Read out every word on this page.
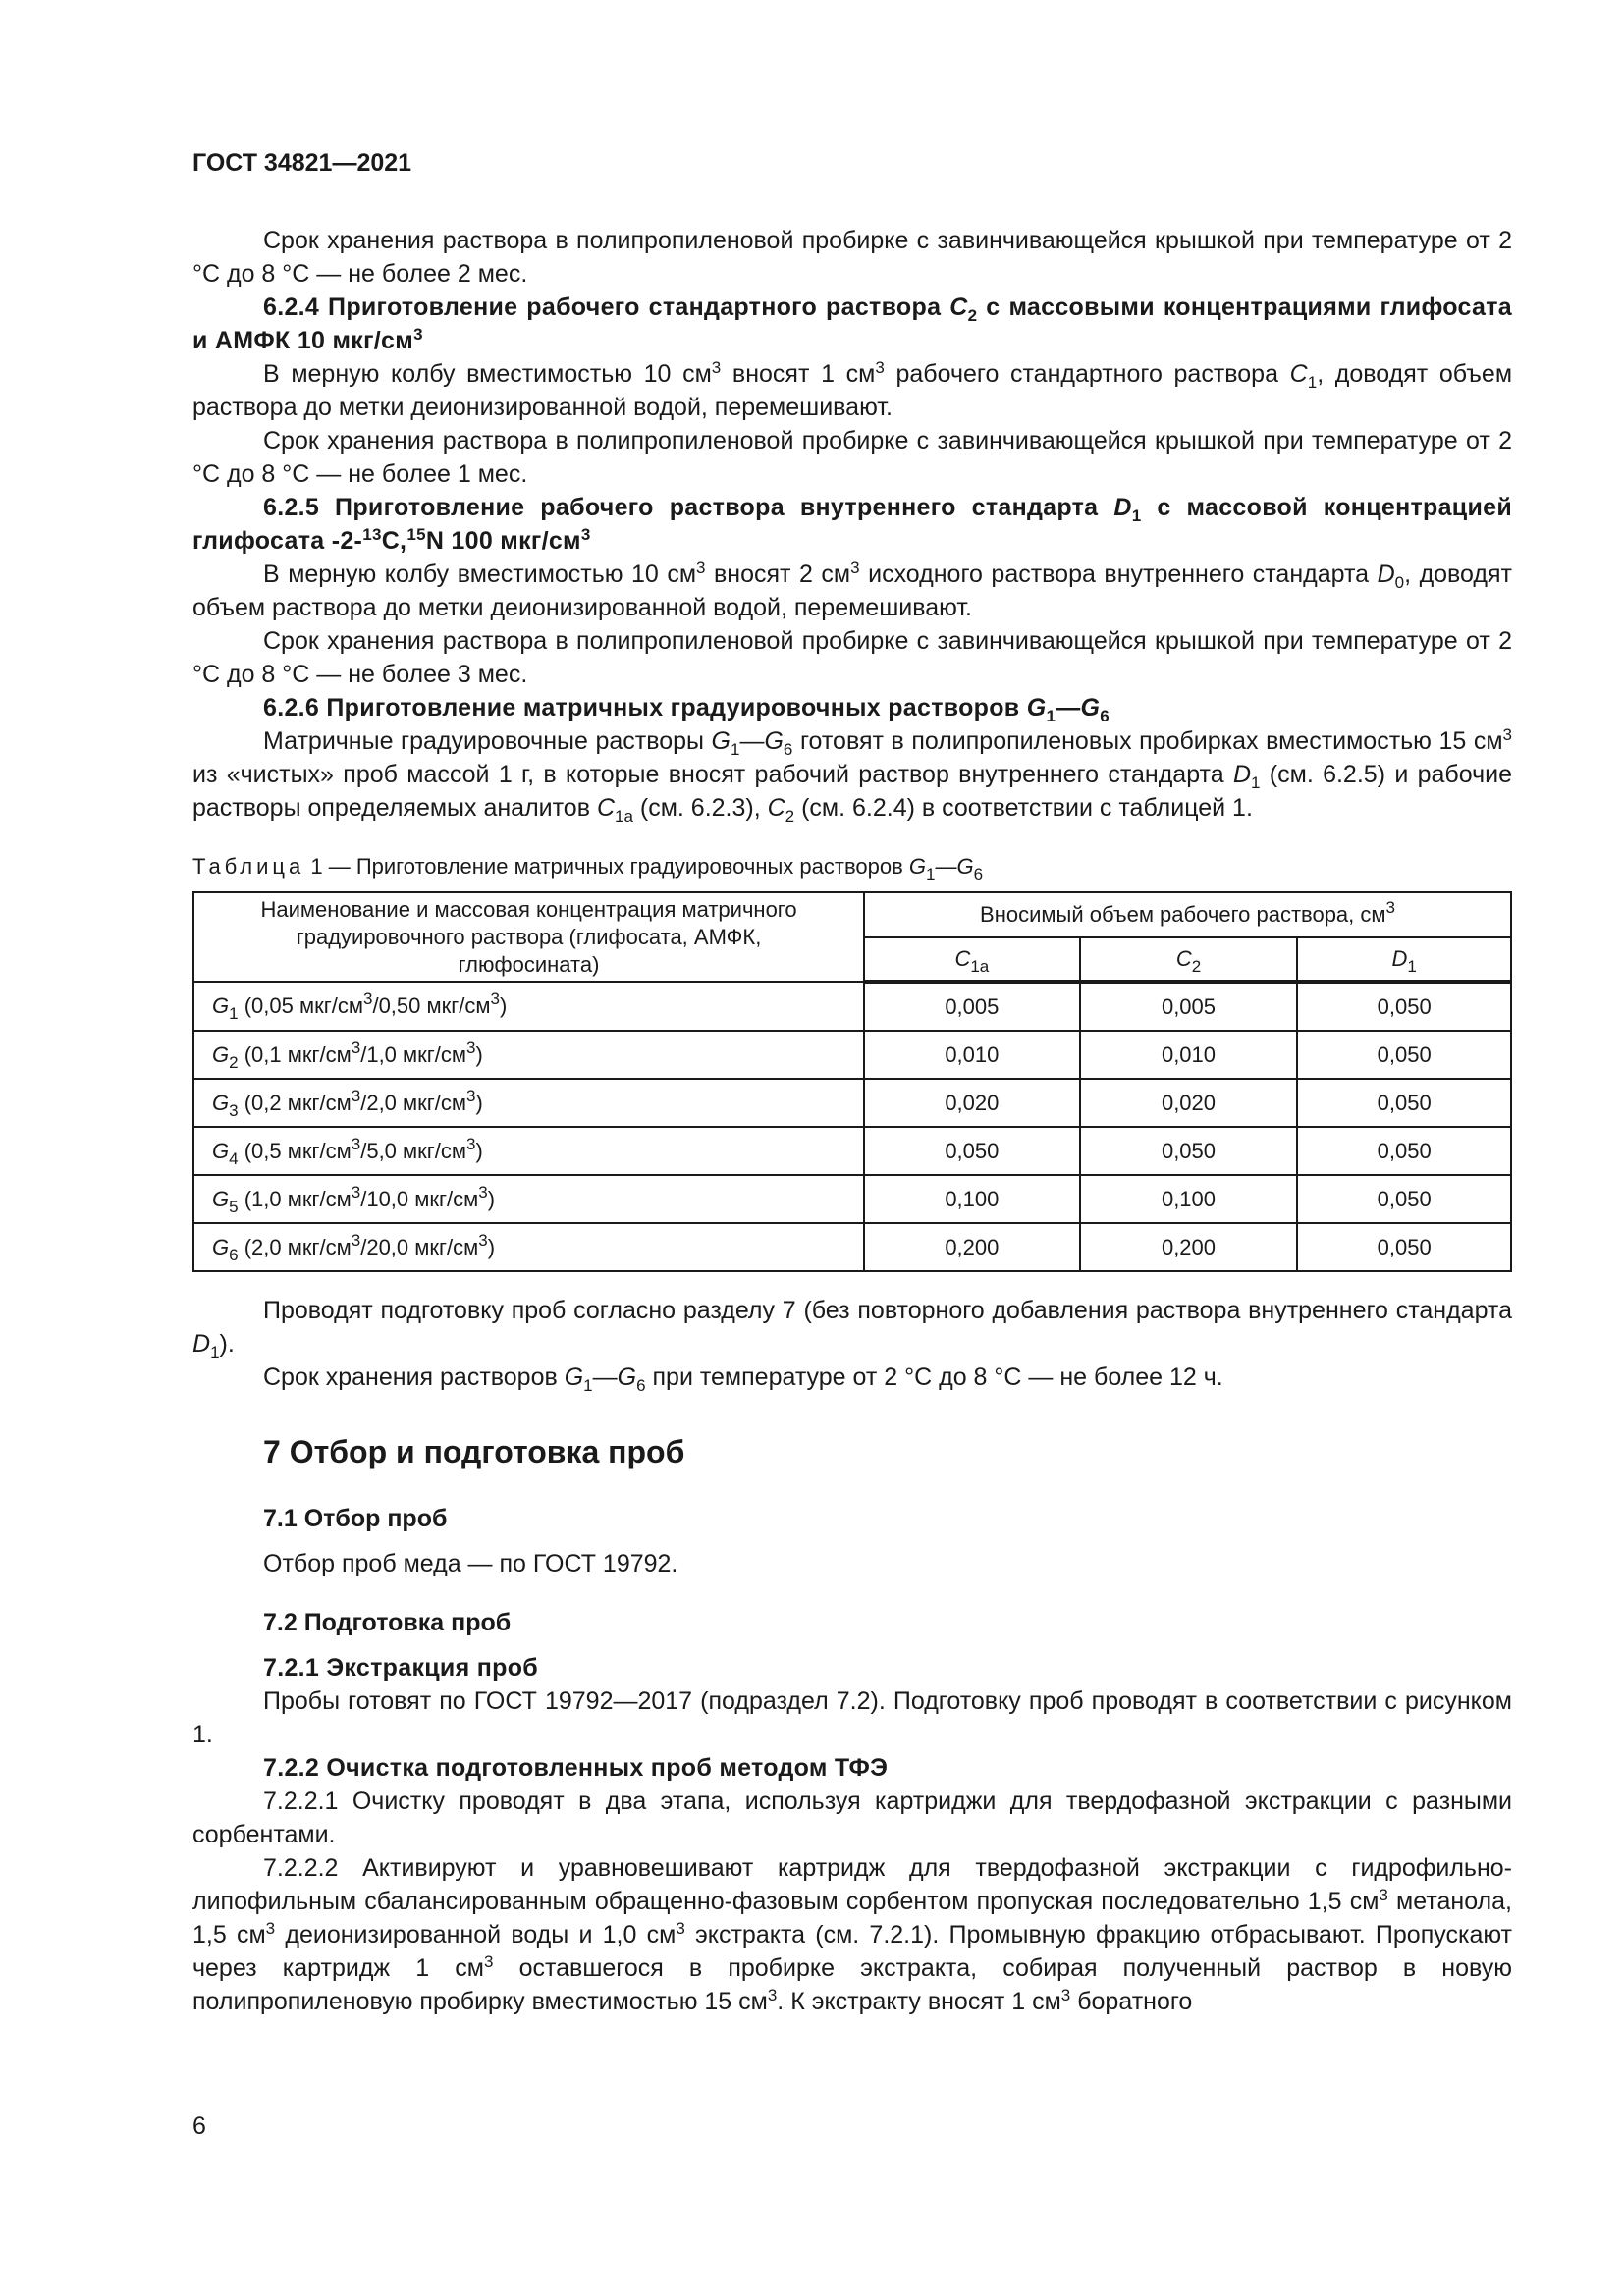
ГОСТ 34821—2021

Срок хранения раствора в полипропиленовой пробирке с завинчивающейся крышкой при температуре от 2 °С до 8 °С — не более 2 мес.

6.2.4 Приготовление рабочего стандартного раствора $C_2$ с массовыми концентрациями глифосата и АМФК 10 мкг/$см^3$

В мерную колбу вместимостью 10 $см^3$ вносят 1 $см^3$ рабочего стандартного раствора $C_1$, доводят объем раствора до метки деионизированной водой, перемешивают.

Срок хранения раствора в полипропиленовой пробирке с завинчивающейся крышкой при температуре от 2 °С до 8 °С — не более 1 мес.

6.2.5 Приготовление рабочего раствора внутреннего стандарта $D_1$ с массовой концентрацией глифосата -2-$^{13}$С,$^{15}$N 100 мкг/$см^3$

В мерную колбу вместимостью 10 $см^3$ вносят 2 $см^3$ исходного раствора внутреннего стандарта $D_0$, доводят объем раствора до метки деионизированной водой, перемешивают.

Срок хранения раствора в полипропиленовой пробирке с завинчивающейся крышкой при температуре от 2 °С до 8 °С — не более 3 мес.

6.2.6 Приготовление матричных градуировочных растворов $G_1—G_6$

Матричные градуировочные растворы $G_1—G_6$ готовят в полипропиленовых пробирках вместимостью 15 $см^3$ из «чистых» проб массой 1 г, в которые вносят рабочий раствор внутреннего стандарта $D_1$ (см. 6.2.5) и рабочие растворы определяемых аналитов $C_{1a}$ (см. 6.2.3), $C_2$ (см. 6.2.4) в соответствии с таблицей 1.

Таблица 1 — Приготовление матричных градуировочных растворов $G_1—G_6$
Наименование и массовая концентрация матричного градуировочного раствора (глифосата, АМФК, глюфосината)	Вносимый объем рабочего раствора, $см^3$
	$C_{1a}$	$C_2$	$D_1$
$G_1$ (0,05 мкг/$см^3/0,50$ мкг/$см^3$)	0,005	0,005	0,050
$G_2$ (0,1 мкг/$см^3/1,0$ мкг/$см^3$)	0,010	0,010	0,050
$G_3$ (0,2 мкг/$см^3/2,0$ мкг/$см^3$)	0,020	0,020	0,050
$G_4$ (0,5 мкг/$см^3/5,0$ мкг/$см^3$)	0,050	0,050	0,050
$G_5$ (1,0 мкг/$см^3/10,0$ мкг/$см^3$)	0,100	0,100	0,050
$G_6$ (2,0 мкг/$см^3/20,0$ мкг/$см^3$)	0,200	0,200	0,050

Проводят подготовку проб согласно разделу 7 (без повторного добавления раствора внутреннего стандарта $D_1$).

Срок хранения растворов $G_1—G_6$ при температуре от 2 °С до 8 °С — не более 12 ч.

7 Отбор и подготовка проб
7.1 Отбор проб

Отбор проб меда — по ГОСТ 19792.

7.2 Подготовка проб
7.2.1 Экстракция проб

Пробы готовят по ГОСТ 19792—2017 (подраздел 7.2). Подготовку проб проводят в соответствии с рисунком 1.

7.2.2 Очистка подготовленных проб методом ТФЭ

7.2.2.1 Очистку проводят в два этапа, используя картриджи для твердофазной экстракции с разными сорбентами.

7.2.2.2 Активируют и уравновешивают картридж для твердофазной экстракции с гидрофильно-липофильным сбалансированным обращенно-фазовым сорбентом пропуская последовательно 1,5 $см^3$ метанола, 1,5 $см^3$ деионизированной воды и 1,0 $см^3$ экстракта (см. 7.2.1). Промывную фракцию отбрасывают. Пропускают через картридж 1 $см^3$ оставшегося в пробирке экстракта, собирая полученный раствор в новую полипропиленовую пробирку вместимостью 15 $см^3$. К экстракту вносят 1 $см^3$ боратного

6
